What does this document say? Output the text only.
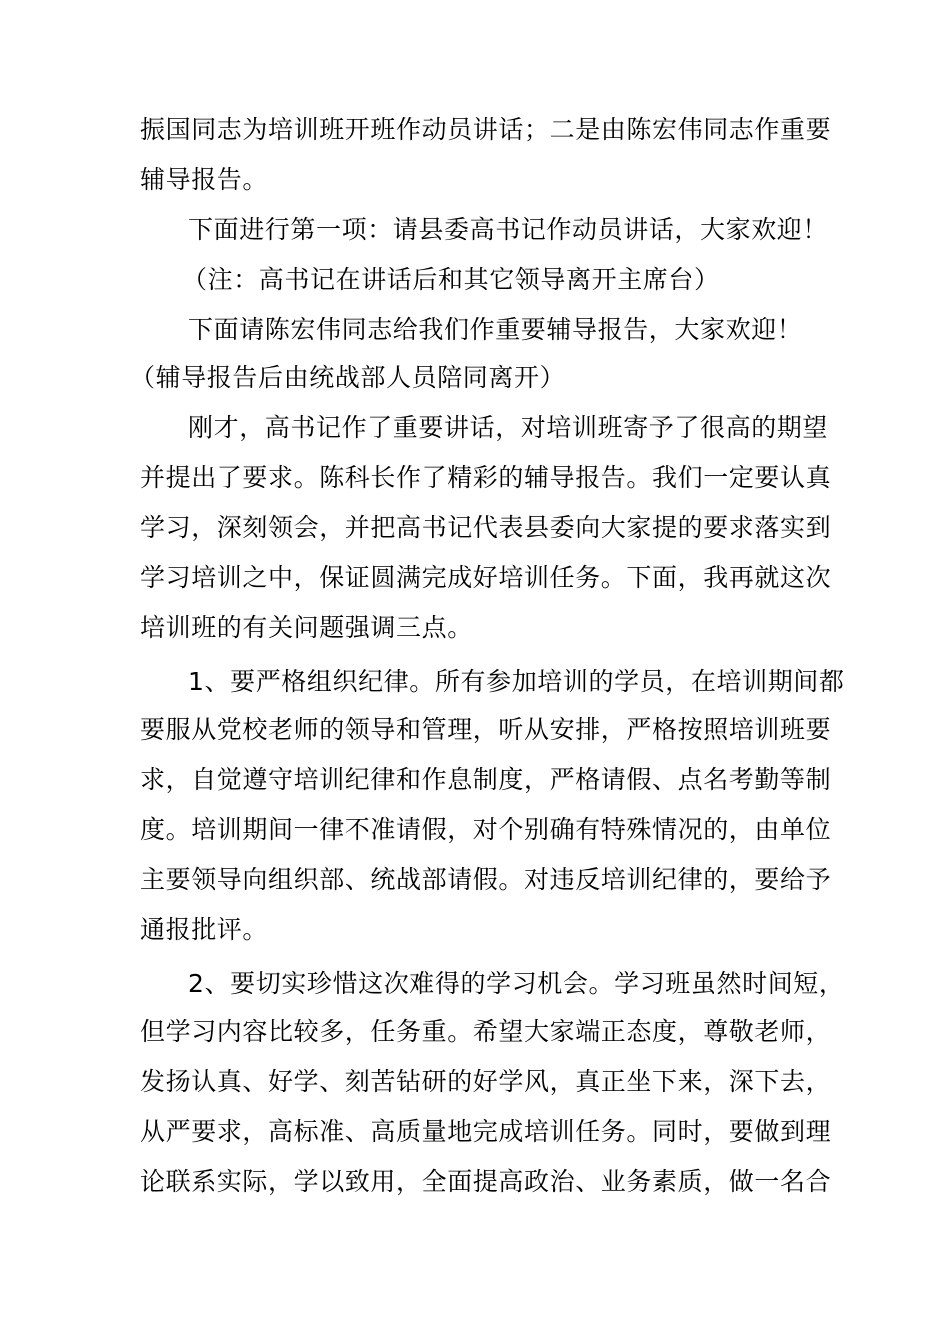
振国同志为培训班开班作动员讲话；二是由陈宏伟同志作重要
辅导报告。
下面进行第一项：请县委高书记作动员讲话，大家欢迎！
（注：高书记在讲话后和其它领导离开主席台）
下面请陈宏伟同志给我们作重要辅导报告，大家欢迎！
（辅导报告后由统战部人员陪同离开）
刚才，高书记作了重要讲话，对培训班寄予了很高的期望
并提出了要求。陈科长作了精彩的辅导报告。我们一定要认真
学习，深刻领会，并把高书记代表县委向大家提的要求落实到
学习培训之中，保证圆满完成好培训任务。下面，我再就这次
培训班的有关问题强调三点。
1、要严格组织纪律。所有参加培训的学员，在培训期间都
要服从党校老师的领导和管理，听从安排，严格按照培训班要
求，自觉遵守培训纪律和作息制度，严格请假、点名考勤等制
度。培训期间一律不准请假，对个别确有特殊情况的，由单位
主要领导向组织部、统战部请假。对违反培训纪律的，要给予
通报批评。
2、要切实珍惜这次难得的学习机会。学习班虽然时间短，
但学习内容比较多，任务重。希望大家端正态度，尊敬老师，
发扬认真、好学、刻苦钻研的好学风，真正坐下来，深下去，
从严要求，高标准、高质量地完成培训任务。同时，要做到理
论联系实际，学以致用，全面提高政治、业务素质，做一名合
